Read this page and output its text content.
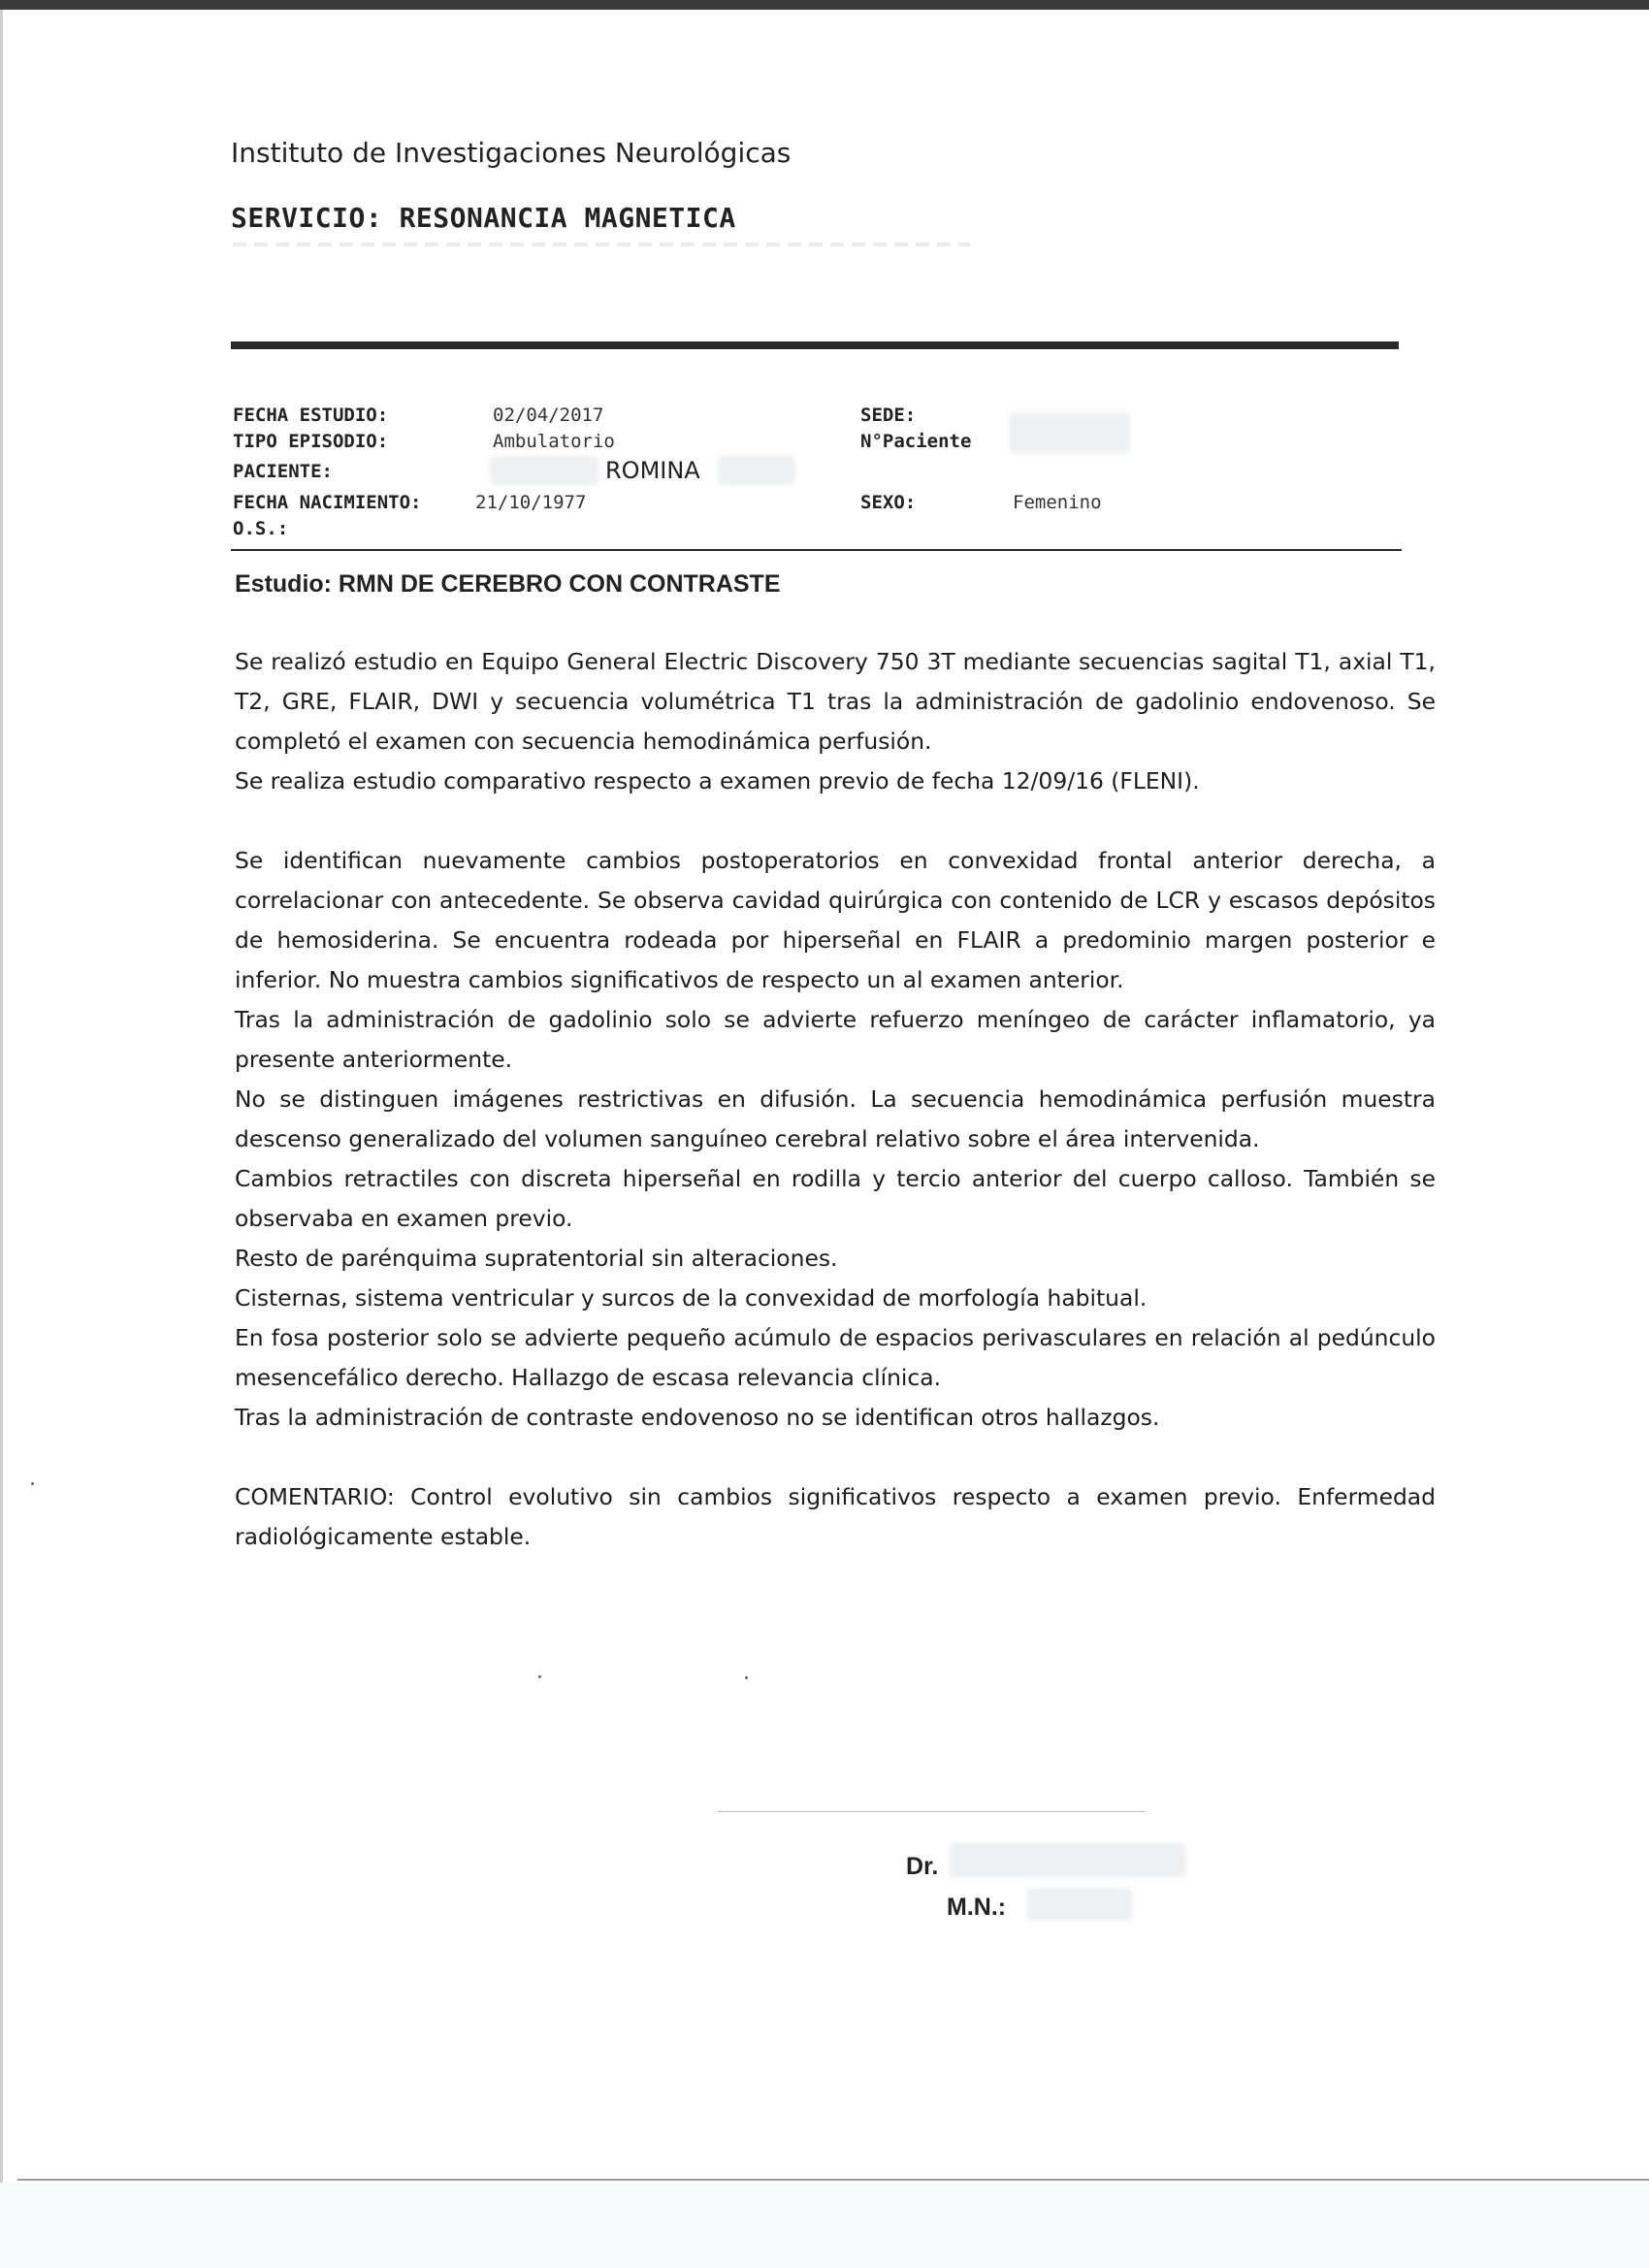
Instituto de Investigaciones Neurológicas
SERVICIO: RESONANCIA MAGNETICA
FECHA ESTUDIO:	02/04/2017
TIPO EPISODIO:	Ambulatorio
PACIENTE:	ROMINA
FECHA NACIMIENTO:	21/10/1977
O.S.:
SEDE:
N°Paciente
SEXO:	Femenino
Estudio: RMN DE CEREBRO CON CONTRASTE

Se realizó estudio en Equipo General Electric Discovery 750 3T mediante secuencias sagital T1, axial T1, T2, GRE, FLAIR, DWI y secuencia volumétrica T1 tras la administración de gadolinio endovenoso. Se completó el examen con secuencia hemodinámica perfusión.

Se realiza estudio comparativo respecto a examen previo de fecha 12/09/16 (FLENI).

Se identifican nuevamente cambios postoperatorios en convexidad frontal anterior derecha, a correlacionar con antecedente. Se observa cavidad quirúrgica con contenido de LCR y escasos depósitos de hemosiderina. Se encuentra rodeada por hiperseñal en FLAIR a predominio margen posterior e inferior. No muestra cambios significativos de respecto un al examen anterior.

Tras la administración de gadolinio solo se advierte refuerzo meníngeo de carácter inflamatorio, ya presente anteriormente.

No se distinguen imágenes restrictivas en difusión. La secuencia hemodinámica perfusión muestra descenso generalizado del volumen sanguíneo cerebral relativo sobre el área intervenida.

Cambios retractiles con discreta hiperseñal en rodilla y tercio anterior del cuerpo calloso. También se observaba en examen previo.

Resto de parénquima supratentorial sin alteraciones.

Cisternas, sistema ventricular y surcos de la convexidad de morfología habitual.

En fosa posterior solo se advierte pequeño acúmulo de espacios perivasculares en relación al pedúnculo mesencefálico derecho. Hallazgo de escasa relevancia clínica.

Tras la administración de contraste endovenoso no se identifican otros hallazgos.

COMENTARIO: Control evolutivo sin cambios significativos respecto a examen previo. Enfermedad radiológicamente estable.

Dr.
M.N.:
